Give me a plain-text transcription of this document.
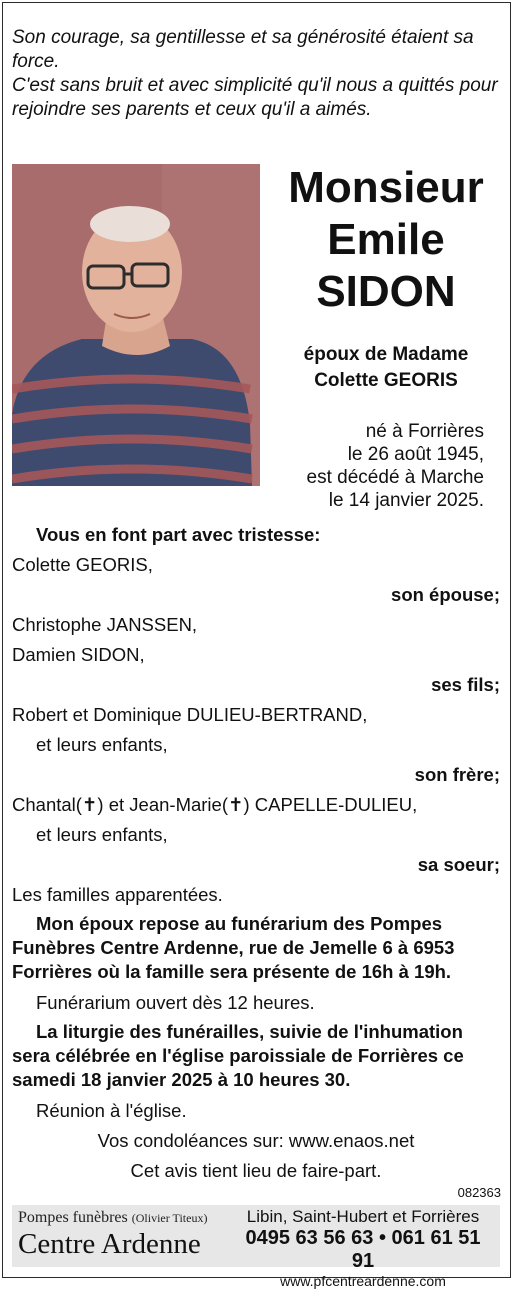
Son courage, sa gentillesse et sa générosité étaient sa force.

C'est sans bruit et avec simplicité qu'il nous a quittés pour rejoindre ses parents et ceux qu'il a aimés.

Monsieur
Emile
SIDON
époux de Madame
Colette GEORIS
né à Forrières
le 26 août 1945,
est décédé à Marche
le 14 janvier 2025.
Vous en font part avec tristesse:
Colette GEORIS,
son épouse;
Christophe JANSSEN,
Damien SIDON,
ses fils;
Robert et Dominique DULIEU-BERTRAND,
et leurs enfants,
son frère;
Chantal(✝) et Jean-Marie(✝) CAPELLE-DULIEU,
et leurs enfants,
sa soeur;
Les familles apparentées.
Mon époux repose au funérarium des Pompes
Funèbres Centre Ardenne, rue de Jemelle 6 à 6953
Forrières où la famille sera présente de 16h à 19h.
Funérarium ouvert dès 12 heures.
La liturgie des funérailles, suivie de l'inhumation
sera célébrée en l'église paroissiale de Forrières ce
samedi 18 janvier 2025 à 10 heures 30.
Réunion à l'église.
Vos condoléances sur: www.enaos.net
Cet avis tient lieu de faire-part.
082363
Pompes funèbres (Olivier Titeux)
Centre Ardenne
Libin, Saint-Hubert et Forrières
0495 63 56 63 • 061 61 51 91
www.pfcentreardenne.com
